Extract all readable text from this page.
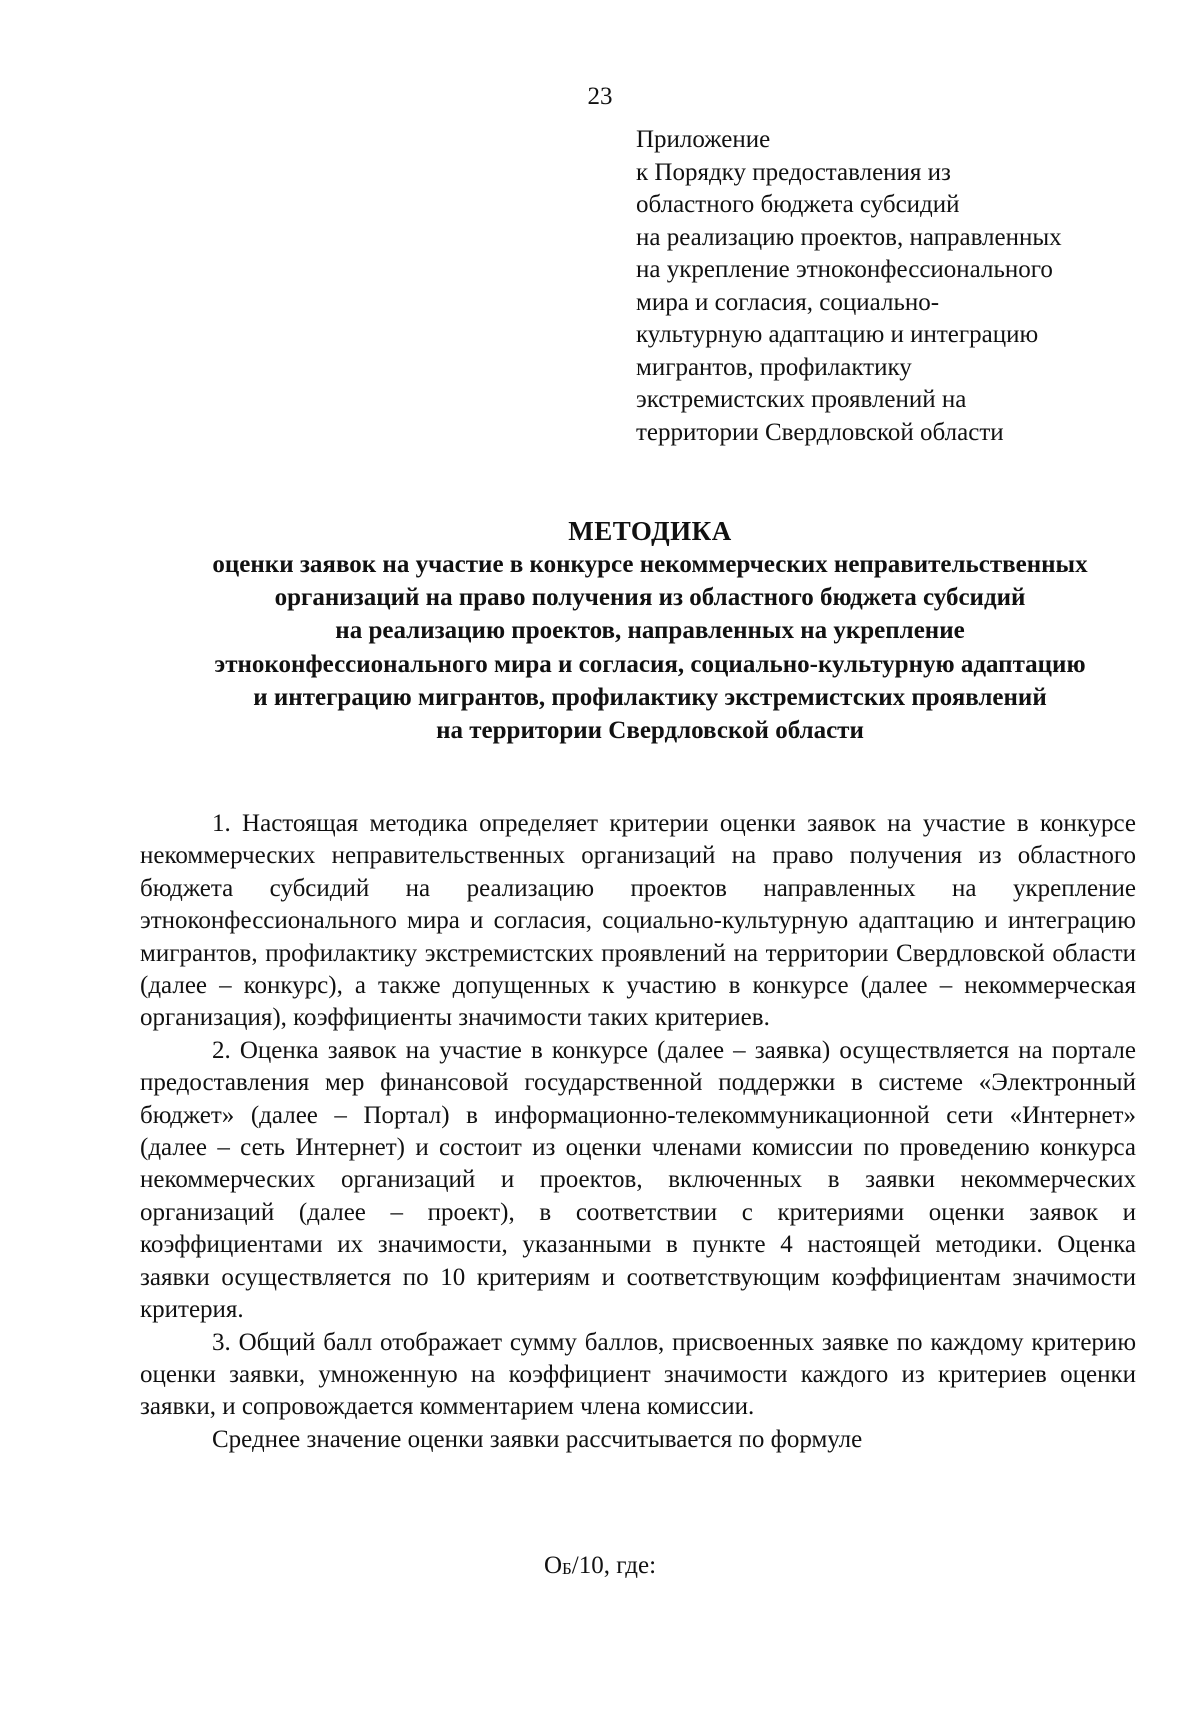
23
Приложение
к Порядку предоставления из
областного бюджета субсидий
на реализацию проектов, направленных
на укрепление этноконфессионального
мира и согласия, социально-
культурную адаптацию и интеграцию
мигрантов, профилактику
экстремистских проявлений на
территории Свердловской области
МЕТОДИКА
оценки заявок на участие в конкурсе некоммерческих неправительственных
организаций на право получения из областного бюджета субсидий
на реализацию проектов, направленных на укрепление
этноконфессионального мира и согласия, социально-культурную адаптацию
и интеграцию мигрантов, профилактику экстремистских проявлений
на территории Свердловской области

1. Настоящая методика определяет критерии оценки заявок на участие в конкурсе некоммерческих неправительственных организаций на право получения из областного бюджета субсидий на реализацию проектов направленных на укрепление этноконфессионального мира и согласия, социально-культурную адаптацию и интеграцию мигрантов, профилактику экстремистских проявлений на территории Свердловской области (далее – конкурс), а также допущенных к участию в конкурсе (далее – некоммерческая организация), коэффициенты значимости таких критериев.

2. Оценка заявок на участие в конкурсе (далее – заявка) осуществляется на портале предоставления мер финансовой государственной поддержки в системе «Электронный бюджет» (далее – Портал) в информационно-телекоммуникационной сети «Интернет» (далее – сеть Интернет) и состоит из оценки членами комиссии по проведению конкурса некоммерческих организаций и проектов, включенных в заявки некоммерческих организаций (далее – проект), в соответствии с критериями оценки заявок и коэффициентами их значимости, указанными в пункте 4 настоящей методики. Оценка заявки осуществляется по 10 критериям и соответствующим коэффициентам значимости критерия.

3. Общий балл отображает сумму баллов, присвоенных заявке по каждому критерию оценки заявки, умноженную на коэффициент значимости каждого из критериев оценки заявки, и сопровождается комментарием члена комиссии.

Среднее значение оценки заявки рассчитывается по формуле

$О_Б/10$, где:
